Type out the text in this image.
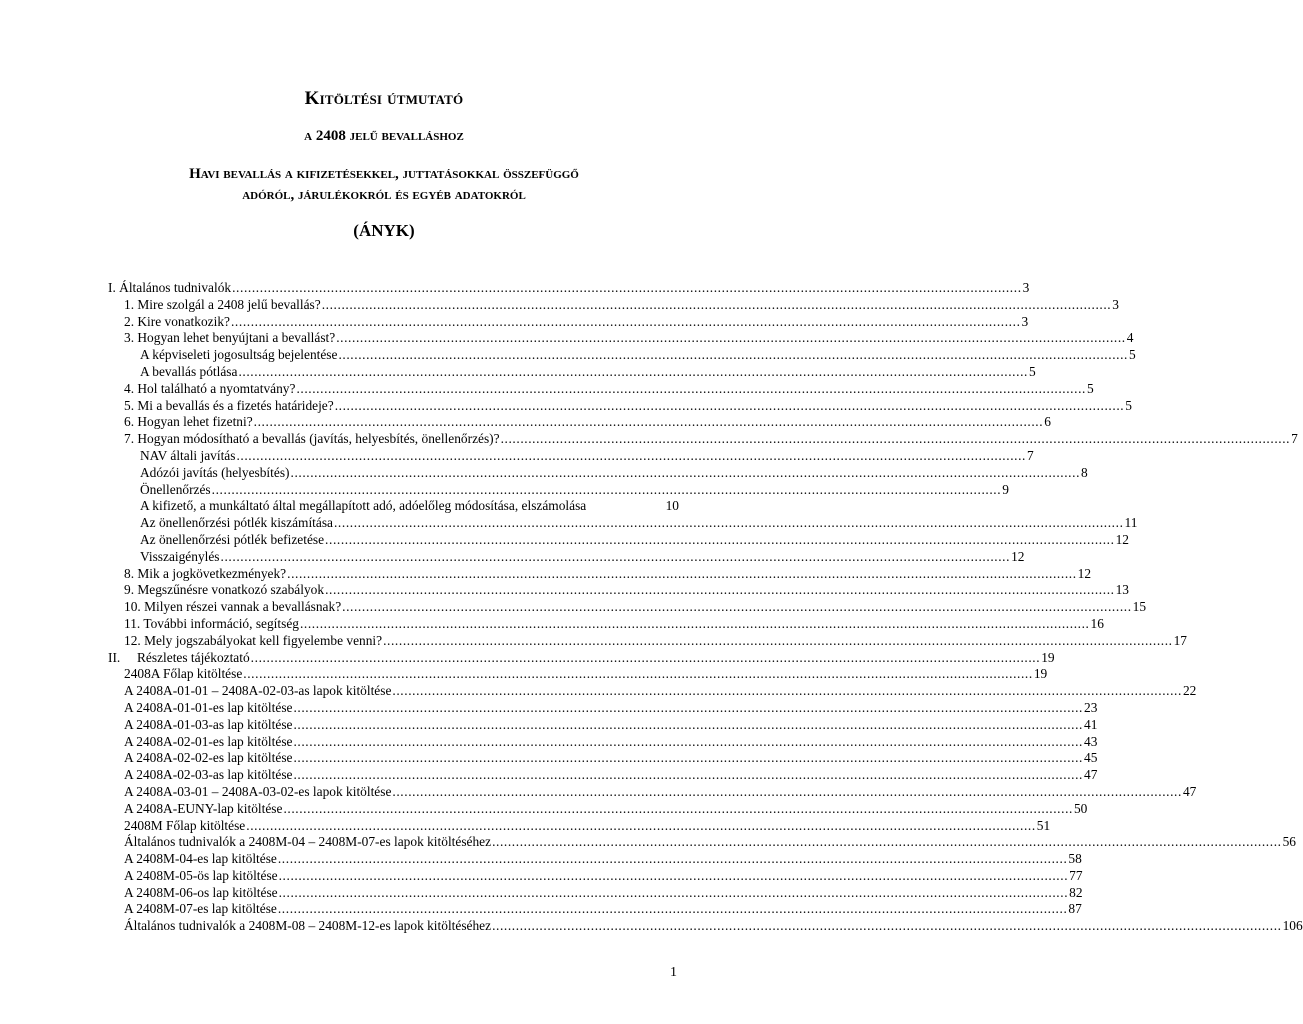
Kitöltési útmutató
a 2408 jelű bevalláshoz
Havi bevallás a kifizetésekkel, juttatásokkal összefüggő
adóról, járulékokról és egyéb adatokról
(ÁNYK)
I. Általános tudnivalók ........................................................................................................................................................................................................ 3
1. Mire szolgál a 2408 jelű bevallás? ........................................................................................................................................................................................................ 3
2. Kire vonatkozik? ........................................................................................................................................................................................................ 3
3. Hogyan lehet benyújtani a bevallást? ........................................................................................................................................................................................................ 4
A képviseleti jogosultság bejelentése ........................................................................................................................................................................................................ 5
A bevallás pótlása ........................................................................................................................................................................................................ 5
4. Hol található a nyomtatvány? ........................................................................................................................................................................................................ 5
5. Mi a bevallás és a fizetés határideje? ........................................................................................................................................................................................................ 5
6. Hogyan lehet fizetni? ........................................................................................................................................................................................................ 6
7. Hogyan módosítható a bevallás (javítás, helyesbítés, önellenőrzés)? ........................................................................................................................................................................................................ 7
NAV általi javítás ........................................................................................................................................................................................................ 7
Adózói javítás (helyesbítés) ........................................................................................................................................................................................................ 8
Önellenőrzés ........................................................................................................................................................................................................ 9
A kifizető, a munkáltató által megállapított adó, adóelőleg módosítása, elszámolása	10
Az önellenőrzési pótlék kiszámítása ........................................................................................................................................................................................................ 11
Az önellenőrzési pótlék befizetése ........................................................................................................................................................................................................ 12
Visszaigénylés ........................................................................................................................................................................................................ 12
8. Mik a jogkövetkezmények? ........................................................................................................................................................................................................ 12
9. Megszűnésre vonatkozó szabályok ........................................................................................................................................................................................................ 13
10. Milyen részei vannak a bevallásnak? ........................................................................................................................................................................................................ 15
11. További információ, segítség ........................................................................................................................................................................................................ 16
12. Mely jogszabályokat kell figyelembe venni? ........................................................................................................................................................................................................ 17
II.     Részletes tájékoztató ........................................................................................................................................................................................................ 19
2408A Főlap kitöltése ........................................................................................................................................................................................................ 19
A 2408A-01-01 – 2408A-02-03-as lapok kitöltése ........................................................................................................................................................................................................ 22
A 2408A-01-01-es lap kitöltése ........................................................................................................................................................................................................ 23
A 2408A-01-03-as lap kitöltése ........................................................................................................................................................................................................ 41
A 2408A-02-01-es lap kitöltése ........................................................................................................................................................................................................ 43
A 2408A-02-02-es lap kitöltése ........................................................................................................................................................................................................ 45
A 2408A-02-03-as lap kitöltése ........................................................................................................................................................................................................ 47
A 2408A-03-01 – 2408A-03-02-es lapok kitöltése ........................................................................................................................................................................................................ 47
A 2408A-EUNY-lap kitöltése ........................................................................................................................................................................................................ 50
2408M Főlap kitöltése ........................................................................................................................................................................................................ 51
Általános tudnivalók a 2408M-04 – 2408M-07-es lapok kitöltéséhez ........................................................................................................................................................................................................ 56
A 2408M-04-es lap kitöltése ........................................................................................................................................................................................................ 58
A 2408M-05-ös lap kitöltése ........................................................................................................................................................................................................ 77
A 2408M-06-os lap kitöltése ........................................................................................................................................................................................................ 82
A 2408M-07-es lap kitöltése ........................................................................................................................................................................................................ 87
Általános tudnivalók a 2408M-08 – 2408M-12-es lapok kitöltéséhez ........................................................................................................................................................................................................ 106
1
